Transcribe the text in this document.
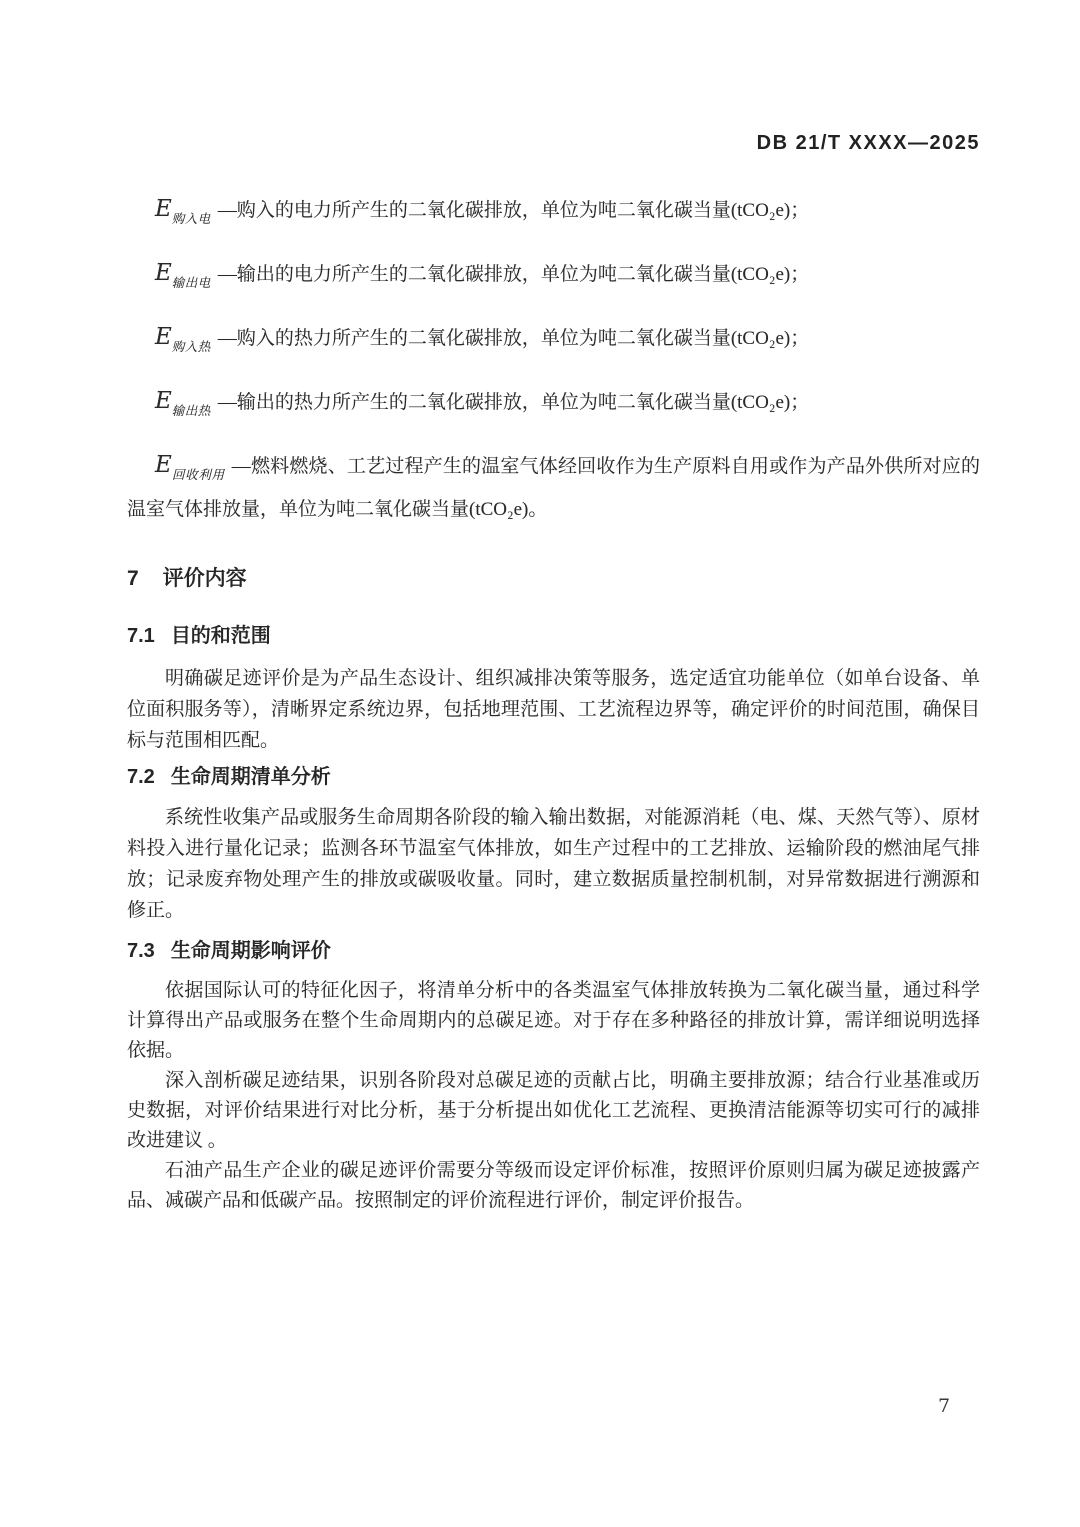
DB 21/T XXXX—2025
$E_{购入电}$ —购入的电力所产生的二氧化碳排放，单位为吨二氧化碳当量(tCO₂e)；
$E_{输出电}$ —输出的电力所产生的二氧化碳排放，单位为吨二氧化碳当量(tCO₂e)；
$E_{购入热}$ —购入的热力所产生的二氧化碳排放，单位为吨二氧化碳当量(tCO₂e)；
$E_{输出热}$ —输出的热力所产生的二氧化碳排放，单位为吨二氧化碳当量(tCO₂e)；
$E_{回收利用}$ —燃料燃烧、工艺过程产生的温室气体经回收作为生产原料自用或作为产品外供所对应的温室气体排放量，单位为吨二氧化碳当量(tCO₂e)。
7 评价内容
7.1 目的和范围

明确碳足迹评价是为产品生态设计、组织减排决策等服务，选定适宜功能单位（如单台设备、单位面积服务等），清晰界定系统边界，包括地理范围、工艺流程边界等，确定评价的时间范围，确保目标与范围相匹配。

7.2 生命周期清单分析

系统性收集产品或服务生命周期各阶段的输入输出数据，对能源消耗（电、煤、天然气等）、原材料投入进行量化记录；监测各环节温室气体排放，如生产过程中的工艺排放、运输阶段的燃油尾气排放；记录废弃物处理产生的排放或碳吸收量。同时，建立数据质量控制机制，对异常数据进行溯源和修正。

7.3 生命周期影响评价

依据国际认可的特征化因子，将清单分析中的各类温室气体排放转换为二氧化碳当量，通过科学计算得出产品或服务在整个生命周期内的总碳足迹。对于存在多种路径的排放计算，需详细说明选择依据。

深入剖析碳足迹结果，识别各阶段对总碳足迹的贡献占比，明确主要排放源；结合行业基准或历史数据，对评价结果进行对比分析，基于分析提出如优化工艺流程、更换清洁能源等切实可行的减排改进建议 。

石油产品生产企业的碳足迹评价需要分等级而设定评价标准，按照评价原则归属为碳足迹披露产品、减碳产品和低碳产品。按照制定的评价流程进行评价，制定评价报告。

7
